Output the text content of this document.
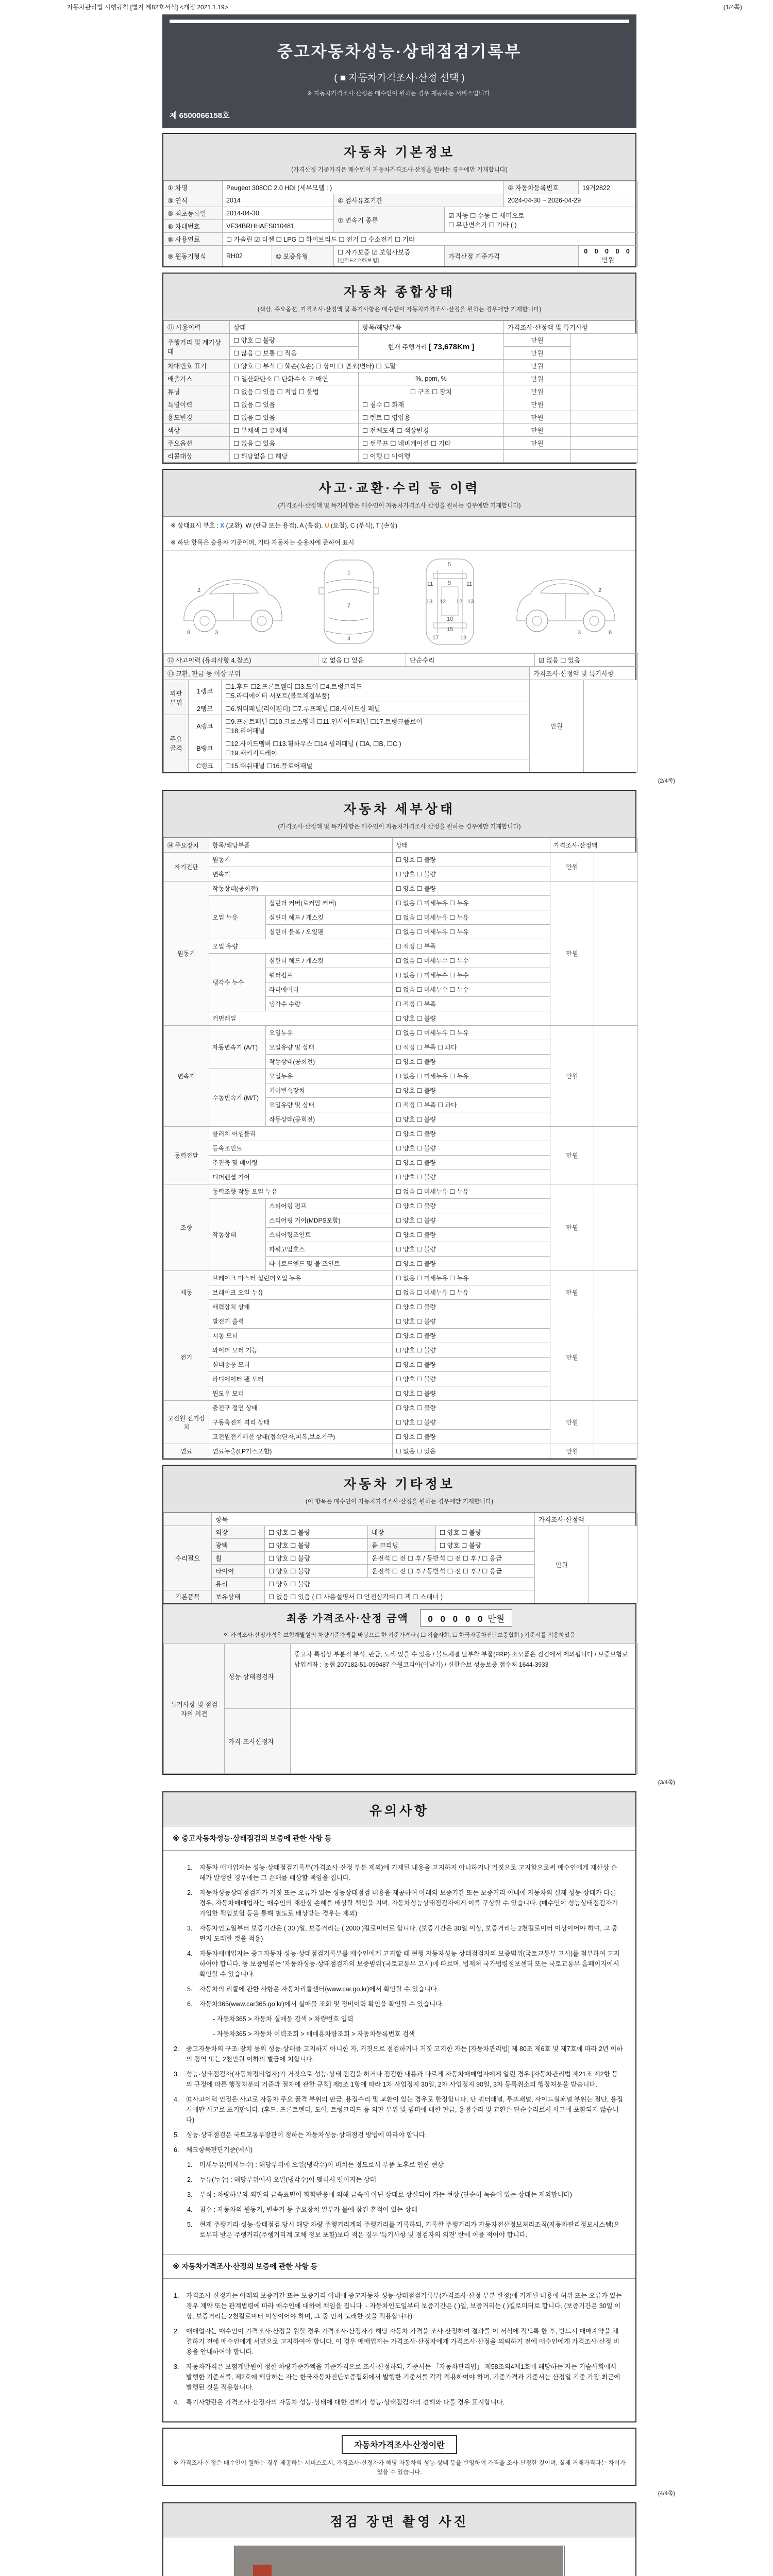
자동차관리법 시행규칙 [별지 제82호서식] <개정 2021.1.19>	(1/4쪽)
중고자동차성능·상태점검기록부
( ■ 자동차가격조사·산정 선택 )
※ 자동차가격조사·산정은 매수인이 원하는 경우 제공하는 서비스입니다.
제 6500066158호
자동차 기본정보
(가격산정 기준가격은 매수인이 자동차가격조사·산정을 원하는 경우에만 기재합니다)
① 차명	Peugeot 308CC 2.0 HDI (세부모델 : )				② 자동차등록번호	19거2822
③ 연식	2014		④ 검사유효기간		2024-04-30 ~ 2026-04-29	
⑤ 최초등록일	2014-04-30		⑦ 변속기 종류	☑ 자동 ☐ 수동 ☐ 세미오토
☐ 무단변속기 ☐ 기타 ( )		

⑥ 차대번호	VF34BRHHAES010481					
⑧ 사용연료	☐ 가솔린 ☑ 디젤 ☐ LPG ☐ 하이브리드 ☐ 전기 ☐ 수소전기 ☐ 기타					
⑨ 원동기형식	RH02	⑩ 보증유형	☐ 자가보증 ☑ 보험사보증
[신한EZ손해보험]	가격산정 기준가격		0 0 0 0 0 만원
자동차 종합상태
(색상, 주요옵션, 가격조사·산정액 및 특기사항은 매수인이 자동차가격조사·산정을 원하는 경우에만 기재합니다)
⑪ 사용이력	상태	항목/해당부품	가격조사·산정액 및 특기사항	
주행거리 및 계기상태	☐ 양호 ☐ 불량	현재 주행거리 [ 73,678Km ]	만원	
	☐ 많음 ☐ 보통 ☐ 적음		만원	
차대번호 표기	☐ 양호 ☐ 부식 ☐ 훼손(오손) ☐ 상이 ☐ 변조(변타) ☐ 도말		만원	
배출가스	☐ 일산화탄소 ☐ 탄화수소 ☑ 매연	%, ppm, %	만원	
튜닝	☐ 없음 ☐ 있음 ☐ 적법 ☐ 불법	☐ 구조 ☐ 장치	만원	
특별이력	☐ 없음 ☐ 있음	☐ 침수 ☐ 화재	만원	
용도변경	☐ 없음 ☐ 있음	☐ 렌트 ☐ 영업용	만원	
색상	☐ 무채색 ☐ 유채색	☐ 전체도색 ☐ 색상변경	만원	
주요옵션	☐ 없음 ☐ 있음	☐ 썬루프 ☐ 네비게이션 ☐ 기타	만원	
리콜대상	☐ 해당없음 ☐ 해당	☐ 이행 ☐ 미이행		
사고·교환·수리 등 이력
(가격조사·산정액 및 특기사항은 매수인이 자동차가격조사·산정을 원하는 경우에만 기재합니다)
※ 상태표시 부호 : X (교환), W (판금 또는 용접), A (흠집), U (요철), C (부식), T (손상)
※ 하단 항목은 승용차 기준이며, 기타 자동차는 승용차에 준하여 표시
2
8	3
1
7
4
5
11	11
9
13	13
12 12
10
15
17	18
2
8
3
⑫ 사고이력 (유의사항 4.참조)	☑ 없음 ☐ 있음	단순수리	☑ 없음 ☐ 있음
⑬ 교환, 판금 등 이상 부위			가격조사·산정액 및 특기사항	
외판부위	1랭크	☐1.후드 ☐2.프론트휀더 ☐3.도어 ☐4.트렁크리드
☐5.라디에이터 서포트(볼트체결부품)	만원	
	2랭크	☐6.쿼터패널(리어휀더) ☐7.루프패널 ☐8.사이드실 패널		
주요골격	A랭크	☐9.프론트패널 ☐10.크로스멤버 ☐11.인사이드패널 ☐17.트렁크플로어
☐18.리어패널		

	B랭크	☐12.사이드멤버 ☐13.휠하우스 ☐14.필러패널 ( ☐A, ☐B, ☐C )
☐19.패키지트레이		

	C랭크	☐15.대쉬패널 ☐16.플로어패널		
(2/4쪽)
자동차 세부상태
(가격조사·산정액 및 특기사항은 매수인이 자동차가격조사·산정을 원하는 경우에만 기재합니다)
⑭ 주요장치	항목/해당부품		상태	가격조사·산정액	
자기진단	원동기		☐ 양호 ☐ 불량	만원	
	변속기		☐ 양호 ☐ 불량		
원동기	작동상태(공회전)		☐ 양호 ☐ 불량	만원	
	오일 누유	실린더 커버(로커암 커버)	☐ 없음 ☐ 미세누유 ☐ 누유		
		실린더 헤드 / 개스킷	☐ 없음 ☐ 미세누유 ☐ 누유		
		실린더 블록 / 오일팬	☐ 없음 ☐ 미세누유 ☐ 누유		
	오일 유량		☐ 적정 ☐ 부족		
	냉각수 누수	실린더 헤드 / 개스킷	☐ 없음 ☐ 미세누수 ☐ 누수		
		워터펌프	☐ 없음 ☐ 미세누수 ☐ 누수		
		라디에이터	☐ 없음 ☐ 미세누수 ☐ 누수		
		냉각수 수량	☐ 적정 ☐ 부족		
	커먼레일		☐ 양호 ☐ 불량		
변속기	자동변속기 (A/T)	오일누유	☐ 없음 ☐ 미세누유 ☐ 누유	만원	
		오일유량 및 상태	☐ 적정 ☐ 부족 ☐ 과다		
		작동상태(공회전)	☐ 양호 ☐ 불량		
	수동변속기 (M/T)	오일누유	☐ 없음 ☐ 미세누유 ☐ 누유		
		기어변속장치	☐ 양호 ☐ 불량		
		오일유량 및 상태	☐ 적정 ☐ 부족 ☐ 과다		
		작동상태(공회전)	☐ 양호 ☐ 불량		
동력전달	클러치 어셈블리		☐ 양호 ☐ 불량	만원	
	등속조인트		☐ 양호 ☐ 불량		
	추진축 및 베어링		☐ 양호 ☐ 불량		
	디퍼렌셜 기어		☐ 양호 ☐ 불량		
조향	동력조향 작동 오일 누유		☐ 없음 ☐ 미세누유 ☐ 누유	만원	
	작동상태	스티어링 펌프	☐ 양호 ☐ 불량		
		스티어링 기어(MDPS포함)	☐ 양호 ☐ 불량		
		스티어링조인트	☐ 양호 ☐ 불량		
		파워고압호스	☐ 양호 ☐ 불량		
		타이로드엔드 및 볼 조인트	☐ 양호 ☐ 불량		
제동	브레이크 마스터 실린더오일 누유		☐ 없음 ☐ 미세누유 ☐ 누유	만원	
	브레이크 오일 누유		☐ 없음 ☐ 미세누유 ☐ 누유		
	배력장치 상태		☐ 양호 ☐ 불량		
전기	발전기 출력		☐ 양호 ☐ 불량	만원	
	시동 모터		☐ 양호 ☐ 불량		
	와이퍼 모터 기능		☐ 양호 ☐ 불량		
	실내송풍 모터		☐ 양호 ☐ 불량		
	라디에이터 팬 모터		☐ 양호 ☐ 불량		
	윈도우 모터		☐ 양호 ☐ 불량		
고전원 전기장치	충전구 절연 상태		☐ 양호 ☐ 불량	만원	
	구동축전지 격리 상태		☐ 양호 ☐ 불량		
	고전원전기배선 상태(접속단자,피복,보호기구)		☐ 양호 ☐ 불량		
연료	연료누출(LP가스포함)		☐ 없음 ☐ 있음	만원	
자동차 기타정보
(이 항목은 매수인이 자동차가격조사·산정을 원하는 경우에만 기재합니다)
	항목				가격조사·산정액	
수리필요	외장	☐ 양호 ☐ 불량	내장	☐ 양호 ☐ 불량	만원	
	광택	☐ 양호 ☐ 불량	룸 크리닝	☐ 양호 ☐ 불량		
	휠	☐ 양호 ☐ 불량	운전석 ☐ 전 ☐ 후 / 동반석 ☐ 전 ☐ 후 / ☐ 응급			
	타이어	☐ 양호 ☐ 불량	운전석 ☐ 전 ☐ 후 / 동반석 ☐ 전 ☐ 후 / ☐ 응급			
	유리	☐ 양호 ☐ 불량				
기본품목	보유상태	☐ 없음 ☐ 있음 ( ☐ 사용설명서 ☐ 안전삼각대 ☐ 잭 ☐ 스패너 )				
최종 가격조사·산정 금액 0 0 0 0 0 만원
이 가격조사·산정가격은 보험개발원의 차량기준가액을 바탕으로 한 기준가격과 ( ☐ 기술사회, ☐ 한국자동차진단보증협회 ) 기준서를 적용하였음
특기사항 및 점검자의 의견	성능·상태점검자	중고차 특성상 부분적 부식, 판금, 도색 있을 수 있음 / 볼트체결 탈부착 부품(FRP)·소모품은 점검에서 제외됩니다 / 보증보험료 납입계좌 : 농협 207182-51-099487 수원코리아(이남기) / 신한손보 성능보증 접수처 1644-3933
	가격·조사산정자	
(3/4쪽)
유의사항
※ 중고자동차성능·상태점검의 보증에 관한 사항 등
1.	자동차 매매업자는 성능·상태점검기록부(가격조사·산정 부분 제외)에 기재된 내용을 고지하지 아니하거나 거짓으로 고지함으로써 매수인에게 재산상 손해가 발생한 경우에는 그 손해를 배상할 책임을 집니다.
2.	자동차성능상태점검자가 거짓 또는 오류가 있는 성능상태점검 내용을 제공하여 아래의 보증기간 또는 보증거리 이내에 자동차의 실제 성능·상태가 다른 경우, 자동차매매업자는 매수인의 재산상 손해를 배상할 책임을 지며, 자동차성능상태점검자에게 이를 구상할 수 있습니다. (매수인이 성능상태점검자가 가입한 책임보험 등을 통해 별도로 배상받는 경우는 제외)
3.	자동차인도일부터 보증기간은 ( 30 )일, 보증거리는 ( 2000 )킬로미터로 합니다. (보증기간은 30일 이상, 보증거리는 2천킬로미터 이상이어야 하며, 그 중 먼저 도래한 것을 적용)
4.	자동차매매업자는 중고자동차 성능·상태점검기록부를 매수인에게 고지할 때 현행 자동차성능·상태점검자의 보증범위(국토교통부 고시)를 첨부하여 고지하여야 합니다. 동 보증범위는 '자동차성능·상태점검자의 보증범위'(국토교통부 고시)에 따르며, 법제처 국가법령정보센터 또는 국토교통부 홈페이지에서 확인할 수 있습니다.
5.	자동차의 리콜에 관한 사항은 자동차리콜센터(www.car.go.kr)에서 확인할 수 있습니다.
6.	자동차365(www.car365.go.kr)에서 실매물 조회 및 정비이력 확인을 확인할 수 있습니다.
- 자동차365 > 자동차 실매물 검색 > 차량번호 입력
- 자동차365 > 자동차 이력조회 > 매매용차량조회 > 자동차등록번호 검색
2.	중고자동차의 구조·장치 등의 성능·상태를 고지하지 아니한 자, 거짓으로 점검하거나 거짓 고지한 자는 [자동차관리법] 제 80조 제6호 및 제7호에 따라 2년 이하의 징역 또는 2천만원 이하의 벌금에 처합니다.
3.	성능·상태점검자(자동차정비업자)가 거짓으로 성능·상태 점검을 하거나 점검한 내용과 다르게 자동차매매업자에게 알린 경우 [자동차관리법 제21조 제2항 등의 규정에 따른 행정처분의 기준과 절차에 관한 규칙] 제5조 1항에 따라 1차 사업정지 30일, 2차 사업정지 90일, 3차 등록취소의 행정처분을 받습니다.
4.	⑫사고이력 인정은 사고로 자동차 주요 골격 부위의 판금, 용접수리 및 교환이 있는 경우로 한정합니다. 단 쿼터패널, 루프패널, 사이드실패널 부위는 절단, 용접 시에만 사고로 표기합니다. (후드, 프론트펜더, 도어, 트렁크리드 등 외판 부위 및 범퍼에 대한 판금, 용접수리 및 교환은 단순수리로서 사고에 포함되지 않습니다)
5.	성능·상태점검은 국토교통부장관이 정하는 자동차성능·상태점검 방법에 따라야 합니다.
6.	체크항목판단기준(예시)
1.	미세누유(미세누수) : 해당부위에 오일(냉각수)이 비치는 정도로서 부품 노후로 인한 현상
2.	누유(누수) : 해당부위에서 오일(냉각수)이 맺혀서 떨어지는 상태
3.	부식 : 차량하부와 외판의 금속표면이 화학반응에 의해 금속이 아닌 상태로 상실되어 가는 현상 (단순히 녹슬어 있는 상태는 제외합니다)
4.	침수 : 자동차의 원동기, 변속기 등 주요장치 일부가 물에 잠긴 흔적이 있는 상태
5.	현재 주행거리·성능·상태점검 당시 해당 차량 주행거리계의 주행거리를 기록하되, 기록한 주행거리가 자동차전산정보처리조직(자동차관리정보시스템)으로부터 받은 주행거리(주행거리계 교체 정보 포함)보다 적은 경우 '특기사항 및 점검자의 의견' 란에 이를 적어야 합니다.
※ 자동차가격조사·산정의 보증에 관한 사항 등
1.	가격조사·산정자는 아래의 보증기간 또는 보증거리 이내에 중고자동차 성능·상태점검기록부(가격조사·산정 부분 한정)에 기재된 내용에 허위 또는 오류가 있는 경우 계약 또는 관계법령에 따라 매수인에 대하여 책임을 집니다. · 자동차인도일부터 보증기간은 ( )일, 보증거리는 ( )킬로미터로 합니다. (보증기간은 30일 이상, 보증거리는 2천킬로미터 이상이어야 하며, 그 중 먼저 도래한 것을 적용합니다)
2.	매매업자는 매수인이 가격조사·산정을 원할 경우 가격조사·산정자가 해당 자동차 가격을 조사·산정하여 결과를 이 서식에 적도록 한 후, 반드시 매매계약을 체결하기 전에 매수인에게 서면으로 고지하여야 합니다. 이 경우 매매업자는 가격조사·산정자에게 가격조사·산정을 의뢰하기 전에 매수인에게 가격조사·산정 비용을 안내하여야 합니다.
3.	자동차가격은 보험개발원이 정한 차량기준가액을 기준가격으로 조사·산정하되, 기준서는 「자동차관리법」 제58조의4제1호에 해당하는 자는 기술사회에서 발행한 기준서를, 제2호에 해당하는 자는 한국자동차진단보증협회에서 발행한 기준서를 각각 적용하여야 하며, 기준가격과 기준서는 산정일 기준 가장 최근에 발행된 것을 적용합니다.
4.	특기사항란은 가격조사·산정자의 자동차 성능·상태에 대한 견해가 성능·상태점검자의 견해와 다를 경우 표시합니다.
자동차가격조사·산정이란
※ 가격조사·산정은 매수인이 원하는 경우 제공하는 서비스로서, 가격조사·산정자가 해당 자동차의 성능·상태 등을 반영하여 가격을 조사·산정한 것이며, 실제 거래가격과는 차이가 있을 수 있습니다.
(4/4쪽)
점검 장면 촬영 사진
